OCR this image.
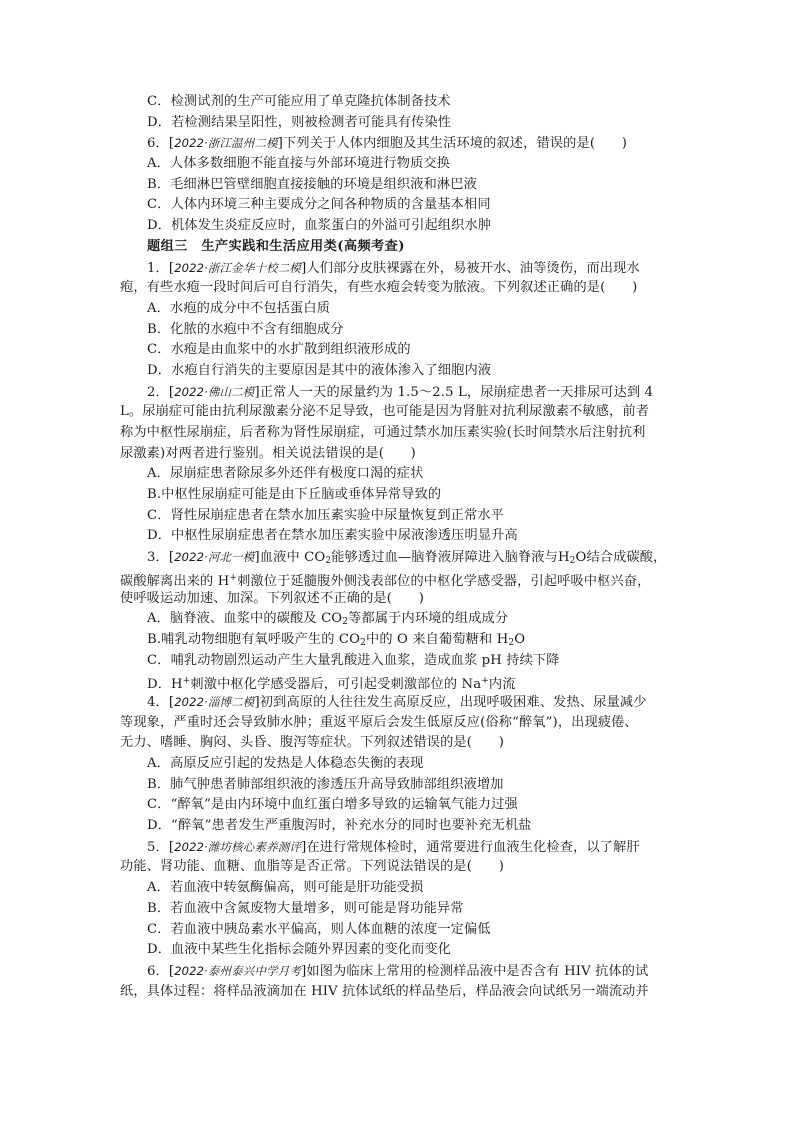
C．检测试剂的生产可能应用了单克隆抗体制备技术
D．若检测结果呈阳性，则被检测者可能具有传染性
6．[2022·浙江温州二模]下列关于人体内细胞及其生活环境的叙述，错误的是(　　)
A．人体多数细胞不能直接与外部环境进行物质交换
B．毛细淋巴管壁细胞直接接触的环境是组织液和淋巴液
C．人体内环境三种主要成分之间各种物质的含量基本相同
D．机体发生炎症反应时，血浆蛋白的外溢可引起组织水肿
题组三　生产实践和生活应用类(高频考查)
1．[2022·浙江金华十校二模]人们部分皮肤裸露在外，易被开水、油等烫伤，而出现水
疱，有些水疱一段时间后可自行消失，有些水疱会转变为脓液。下列叙述正确的是(　　)
A．水疱的成分中不包括蛋白质
B．化脓的水疱中不含有细胞成分
C．水疱是由血浆中的水扩散到组织液形成的
D．水疱自行消失的主要原因是其中的液体渗入了细胞内液
2．[2022·佛山二模]正常人一天的尿量约为 1.5～2.5 L，尿崩症患者一天排尿可达到 4
L。尿崩症可能由抗利尿激素分泌不足导致，也可能是因为肾脏对抗利尿激素不敏感，前者
称为中枢性尿崩症，后者称为肾性尿崩症，可通过禁水加压素实验(长时间禁水后注射抗利
尿激素)对两者进行鉴别。相关说法错误的是(　　)
A．尿崩症患者除尿多外还伴有极度口渴的症状
B.中枢性尿崩症可能是由下丘脑或垂体异常导致的
C．肾性尿崩症患者在禁水加压素实验中尿量恢复到正常水平
D．中枢性尿崩症患者在禁水加压素实验中尿液渗透压明显升高
3．[2022·河北一模]血液中 $CO_2$能够透过血—脑脊液屏障进入脑脊液与$H_2O$结合成碳酸，
碳酸解离出来的 H+刺激位于延髓腹外侧浅表部位的中枢化学感受器，引起呼吸中枢兴奋，
使呼吸运动加速、加深。下列叙述不正确的是(　　)
A．脑脊液、血浆中的碳酸及 $CO_2$等都属于内环境的组成成分
B.哺乳动物细胞有氧呼吸产生的 $CO_2$中的 O 来自葡萄糖和 $H_2O$
C．哺乳动物剧烈运动产生大量乳酸进入血浆，造成血浆 pH 持续下降
D．H+刺激中枢化学感受器后，可引起受刺激部位的 Na+内流
4．[2022·淄博二模]初到高原的人往往发生高原反应，出现呼吸困难、发热、尿量减少
等现象，严重时还会导致肺水肿；重返平原后会发生低原反应(俗称“醉氧”)，出现疲倦、
无力、嗜睡、胸闷、头昏、腹泻等症状。下列叙述错误的是(　　)
A．高原反应引起的发热是人体稳态失衡的表现
B．肺气肿患者肺部组织液的渗透压升高导致肺部组织液增加
C．“醉氧”是由内环境中血红蛋白增多导致的运输氧气能力过强
D．“醉氧”患者发生严重腹泻时，补充水分的同时也要补充无机盐
5．[2022·潍坊核心素养测评]在进行常规体检时，通常要进行血液生化检查，以了解肝
功能、肾功能、血糖、血脂等是否正常。下列说法错误的是(　　)
A．若血液中转氨酶偏高，则可能是肝功能受损
B．若血液中含氮废物大量增多，则可能是肾功能异常
C．若血液中胰岛素水平偏高，则人体血糖的浓度一定偏低
D．血液中某些生化指标会随外界因素的变化而变化
6．[2022·泰州泰兴中学月考]如图为临床上常用的检测样品液中是否含有 HIV 抗体的试
纸，具体过程：将样品液滴加在 HIV 抗体试纸的样品垫后，样品液会向试纸另一端流动并
